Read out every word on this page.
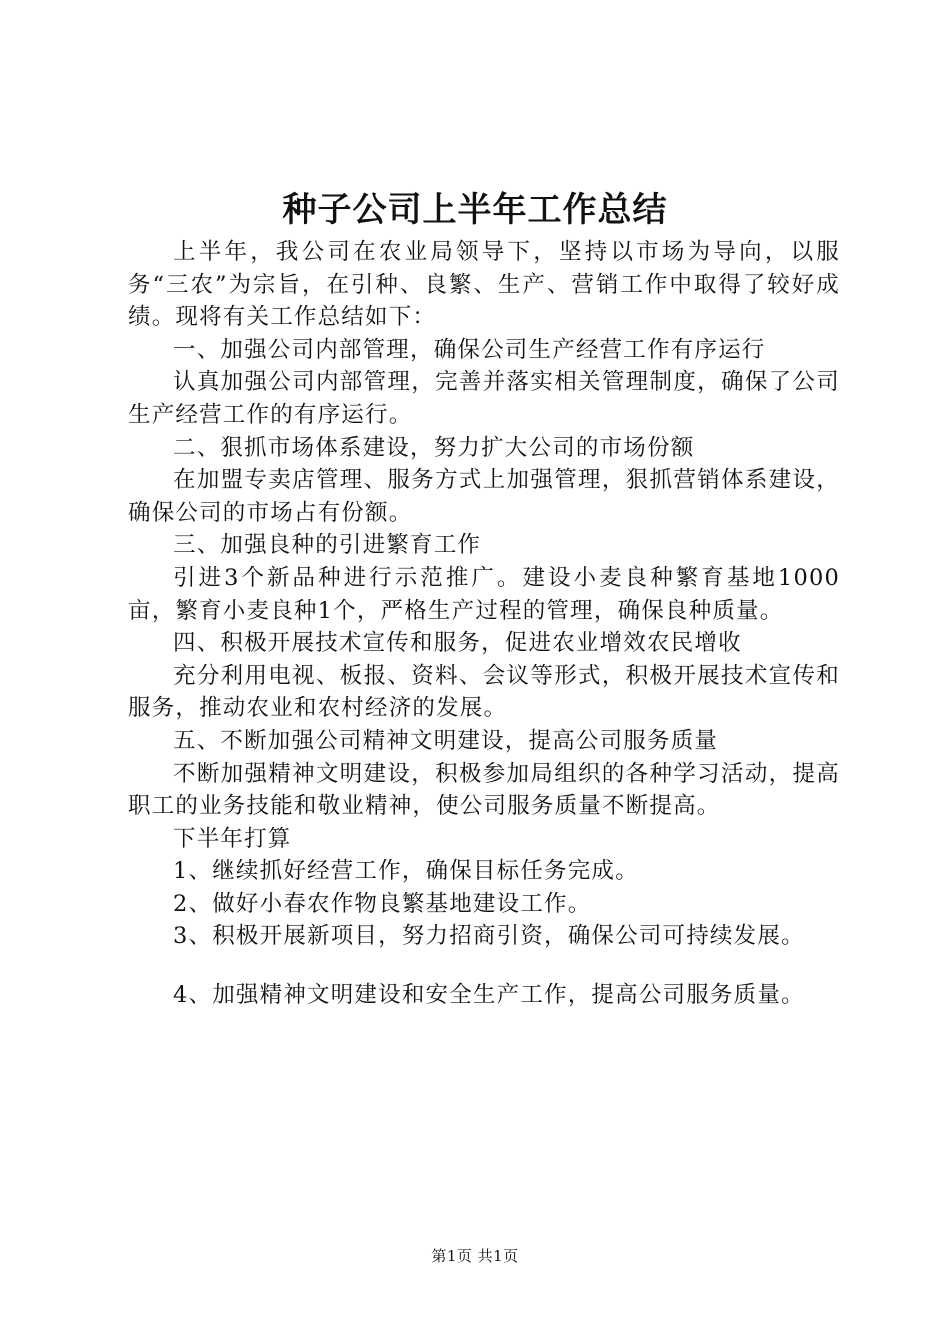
种子公司上半年工作总结

上半年，我公司在农业局领导下，坚持以市场为导向，以服务“三农”为宗旨，在引种、良繁、生产、营销工作中取得了较好成绩。现将有关工作总结如下：

一、加强公司内部管理，确保公司生产经营工作有序运行

认真加强公司内部管理，完善并落实相关管理制度，确保了公司生产经营工作的有序运行。

二、狠抓市场体系建设，努力扩大公司的市场份额

在加盟专卖店管理、服务方式上加强管理，狠抓营销体系建设，确保公司的市场占有份额。

三、加强良种的引进繁育工作

引进3个新品种进行示范推广。建设小麦良种繁育基地1000亩，繁育小麦良种1个，严格生产过程的管理，确保良种质量。

四、积极开展技术宣传和服务，促进农业增效农民增收

充分利用电视、板报、资料、会议等形式，积极开展技术宣传和服务，推动农业和农村经济的发展。

五、不断加强公司精神文明建设，提高公司服务质量

不断加强精神文明建设，积极参加局组织的各种学习活动，提高职工的业务技能和敬业精神，使公司服务质量不断提高。

下半年打算

1、继续抓好经营工作，确保目标任务完成。

2、做好小春农作物良繁基地建设工作。

3、积极开展新项目，努力招商引资，确保公司可持续发展。

4、加强精神文明建设和安全生产工作，提高公司服务质量。

第1页 共1页
